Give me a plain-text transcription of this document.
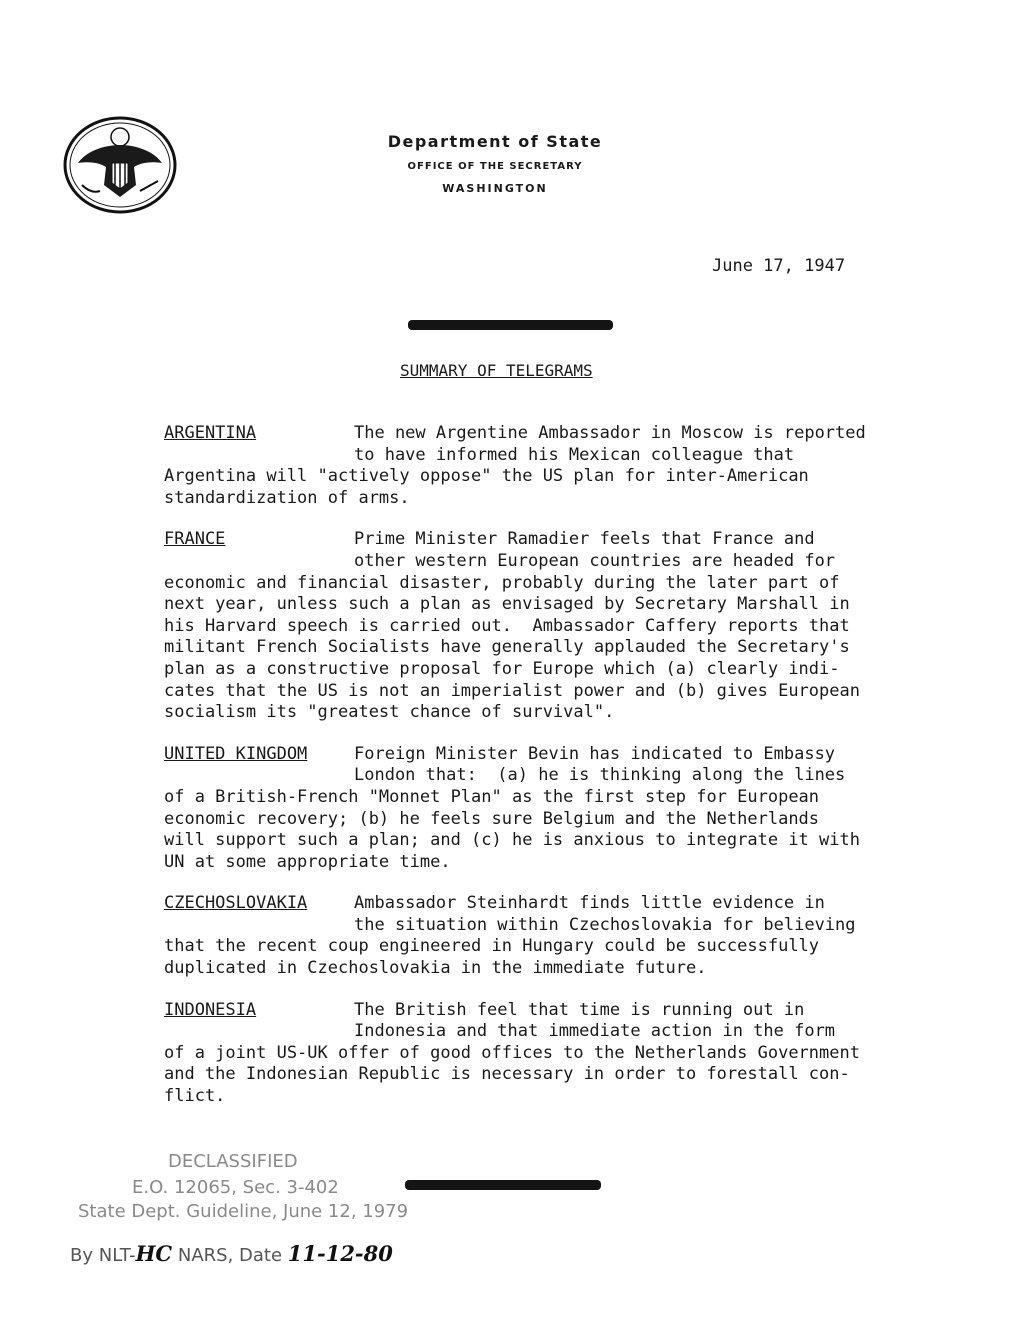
Department of State
OFFICE OF THE SECRETARY
WASHINGTON
June 17, 1947
SUMMARY OF TELEGRAMS
ARGENTINA	The new Argentine Ambassador in Moscow is reported
to have informed his Mexican colleague that
Argentina will "actively oppose" the US plan for inter-American
standardization of arms.
FRANCE	Prime Minister Ramadier feels that France and
other western European countries are headed for
economic and financial disaster, probably during the later part of
next year, unless such a plan as envisaged by Secretary Marshall in
his Harvard speech is carried out.  Ambassador Caffery reports that
militant French Socialists have generally applauded the Secretary's
plan as a constructive proposal for Europe which (a) clearly indi-
cates that the US is not an imperialist power and (b) gives European
socialism its "greatest chance of survival".
UNITED KINGDOM	Foreign Minister Bevin has indicated to Embassy
London that:  (a) he is thinking along the lines
of a British-French "Monnet Plan" as the first step for European
economic recovery; (b) he feels sure Belgium and the Netherlands
will support such a plan; and (c) he is anxious to integrate it with
UN at some appropriate time.
CZECHOSLOVAKIA	Ambassador Steinhardt finds little evidence in
the situation within Czechoslovakia for believing
that the recent coup engineered in Hungary could be successfully
duplicated in Czechoslovakia in the immediate future.
INDONESIA	The British feel that time is running out in
Indonesia and that immediate action in the form
of a joint US-UK offer of good offices to the Netherlands Government
and the Indonesian Republic is necessary in order to forestall con-
flict.
DECLASSIFIED
E.O. 12065, Sec. 3-402
State Dept. Guideline, June 12, 1979
By NLT-HC NARS, Date 11-12-80
